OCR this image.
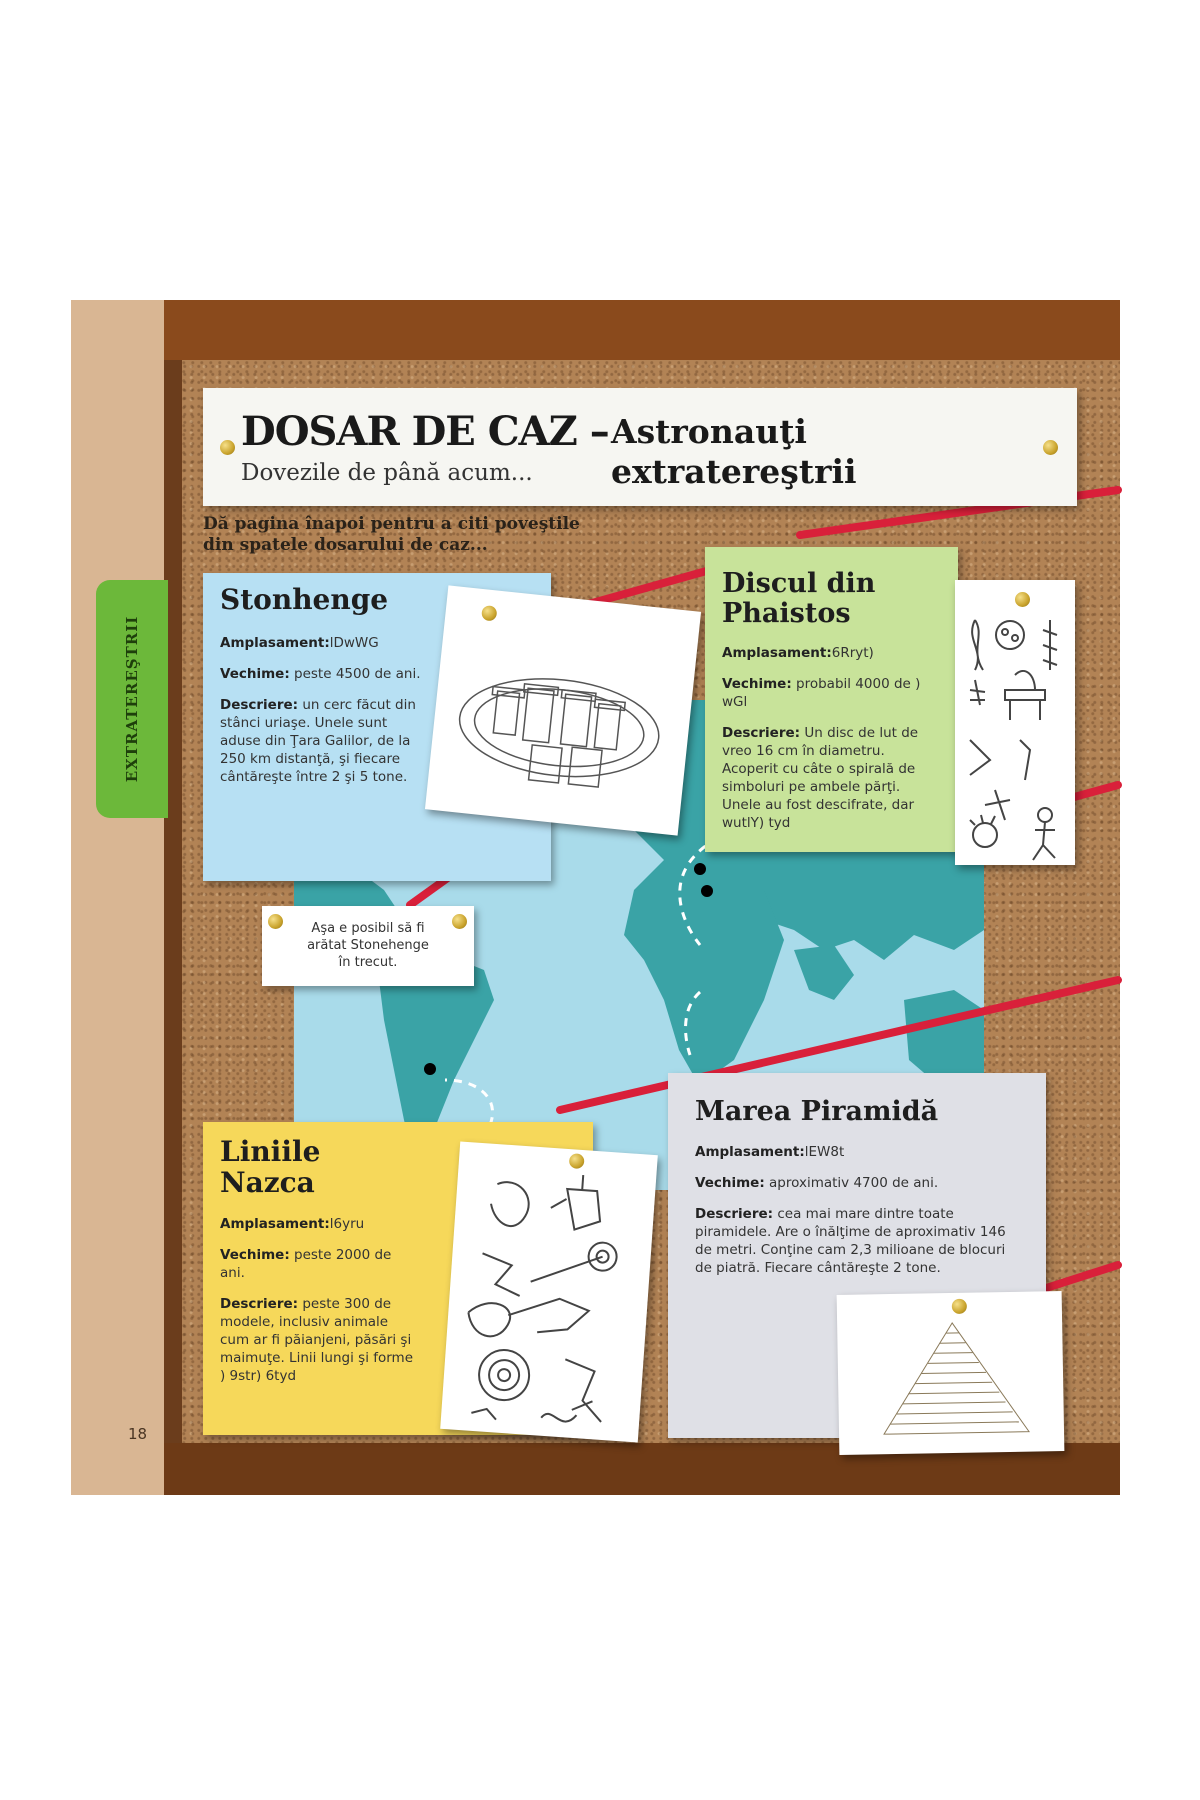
EXTRATEREŞTRII
18
DOSAR DE CAZ –
Dovezile de până acum...
Astronauţi
extratereştrii
Dă pagina înapoi pentru a citi poveştile
din spatele dosarului de caz...
Stonhenge
Amplasament:lDwWG
Vechime: peste 4500 de ani.
Descriere: un cerc făcut din stânci uriaşe. Unele sunt aduse din Ţara Galilor, de la 250 km distanţă, şi fiecare cântăreşte între 2 şi 5 tone.
Aşa e posibil să fi
arătat Stonehenge
în trecut.
Discul din
Phaistos
Amplasament:6Rryt)
Vechime: probabil 4000 de ) wGl
Descriere: Un disc de lut de vreo 16 cm în diametru. Acoperit cu câte o spirală de simboluri pe ambele părţi. Unele au fost descifrate, dar wutlY) tyd
Liniile
Nazca
Amplasament:l6yru
Vechime: peste 2000 de ani.
Descriere: peste 300 de modele, inclusiv animale cum ar fi păianjeni, păsări şi maimuţe. Linii lungi şi forme ) 9str) 6tyd
Marea Piramidă
Amplasament:lEW8t
Vechime: aproximativ 4700 de ani.
Descriere: cea mai mare dintre toate piramidele. Are o înălţime de aproximativ 146 de metri. Conţine cam 2,3 milioane de blocuri de piatră. Fiecare cântăreşte 2 tone.
